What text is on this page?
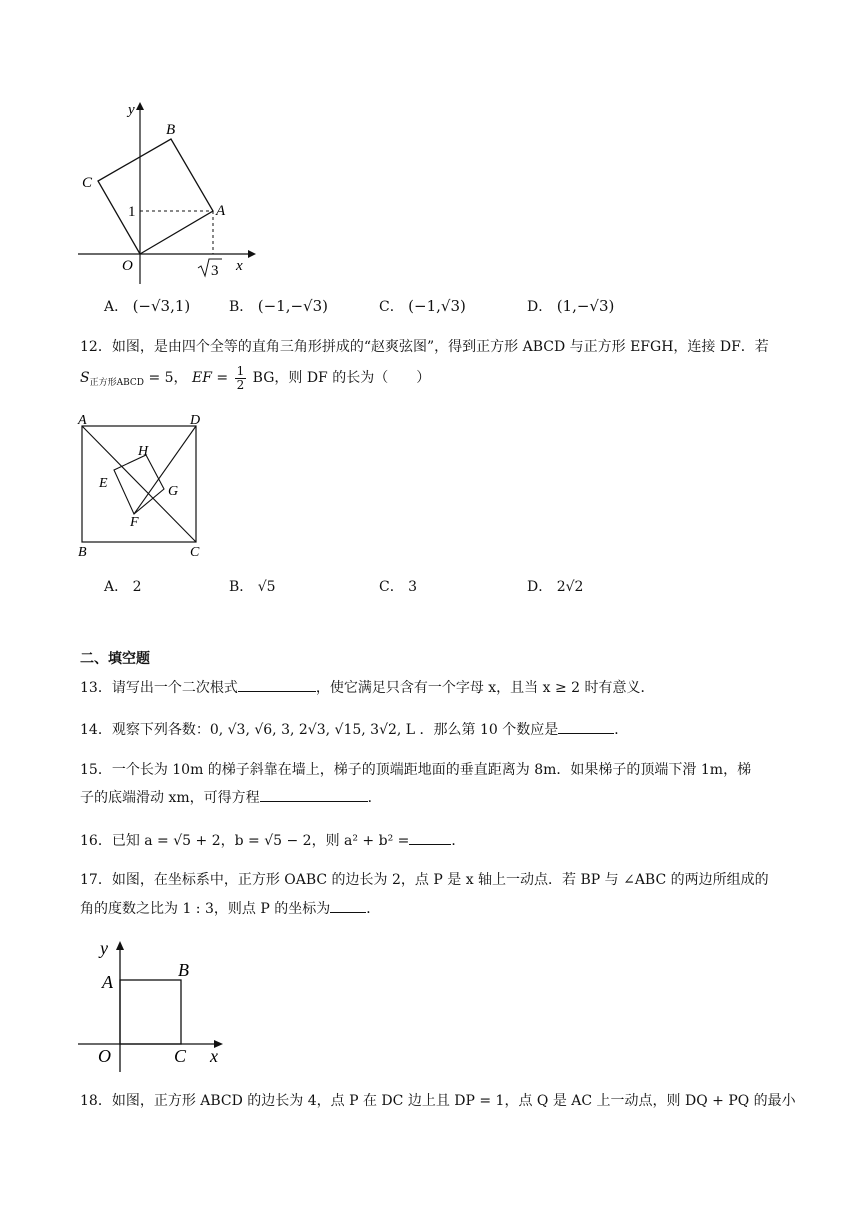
y
B
C
1	A
O	x
3
A． (−√3,1)	B． (−1,−√3)	C． (−1,√3)	D． (1,−√3)
12．如图，是由四个全等的直角三角形拼成的“赵爽弦图”，得到正方形 ABCD 与正方形 EFGH，连接 DF．若
$S_{正方形ABCD} = 5$， EF = $\frac{1}{2}$ BG，则 DF 的长为（　　）
A	D
H
E
G
F
B	C
A． 2	B． √5	C． 3	D． 2√2
二、填空题
13．请写出一个二次根式	，使它满足只含有一个字母 x，且当 x ≥ 2 时有意义．
14．观察下列各数：0, √3, √6, 3, 2√3, √15, 3√2, L ．那么第 10 个数应是	．
15．一个长为 10m 的梯子斜靠在墙上，梯子的顶端距地面的垂直距离为 8m．如果梯子的顶端下滑 1m，梯
子的底端滑动 xm，可得方程	．
16．已知 a = √5 + 2，b = √5 − 2，则 a² + b² =	．
17．如图，在坐标系中，正方形 OABC 的边长为 2，点 P 是 x 轴上一动点．若 BP 与 ∠ABC 的两边所组成的
角的度数之比为 1 : 3，则点 P 的坐标为	．
y
A
B
O	C x
18．如图，正方形 ABCD 的边长为 4，点 P 在 DC 边上且 DP = 1，点 Q 是 AC 上一动点，则 DQ + PQ 的最小
